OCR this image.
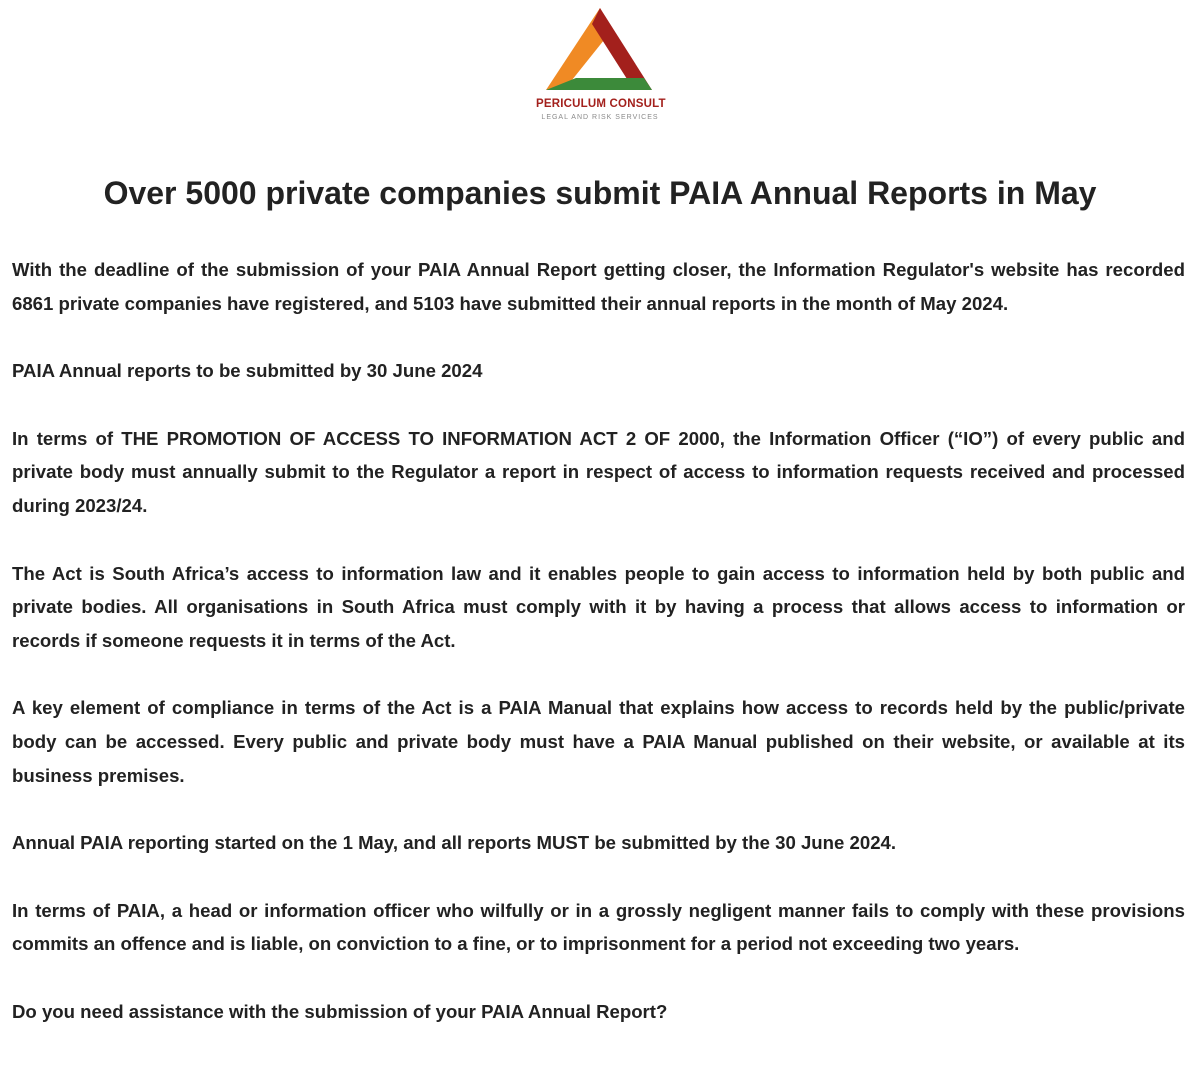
PERICULUM CONSULT
LEGAL AND RISK SERVICES
Over 5000 private companies submit PAIA Annual Reports in May

With the deadline of the submission of your PAIA Annual Report getting closer, the Information Regulator's website has recorded 6861 private companies have registered, and 5103 have submitted their annual reports in the month of May 2024.

PAIA Annual reports to be submitted by 30 June 2024

In terms of THE PROMOTION OF ACCESS TO INFORMATION ACT 2 OF 2000, the Information Officer (“IO”) of every public and private body must annually submit to the Regulator a report in respect of access to information requests received and processed during 2023/24.

The Act is South Africa’s access to information law and it enables people to gain access to information held by both public and private bodies. All organisations in South Africa must comply with it by having a process that allows access to information or records if someone requests it in terms of the Act.

A key element of compliance in terms of the Act is a PAIA Manual that explains how access to records held by the public/private body can be accessed. Every public and private body must have a PAIA Manual published on their website, or available at its business premises.

Annual PAIA reporting started on the 1 May, and all reports MUST be submitted by the 30 June 2024.

In terms of PAIA, a head or information officer who wilfully or in a grossly negligent manner fails to comply with these provisions commits an offence and is liable, on conviction to a fine, or to imprisonment for a period not exceeding two years.

Do you need assistance with the submission of your PAIA Annual Report?
